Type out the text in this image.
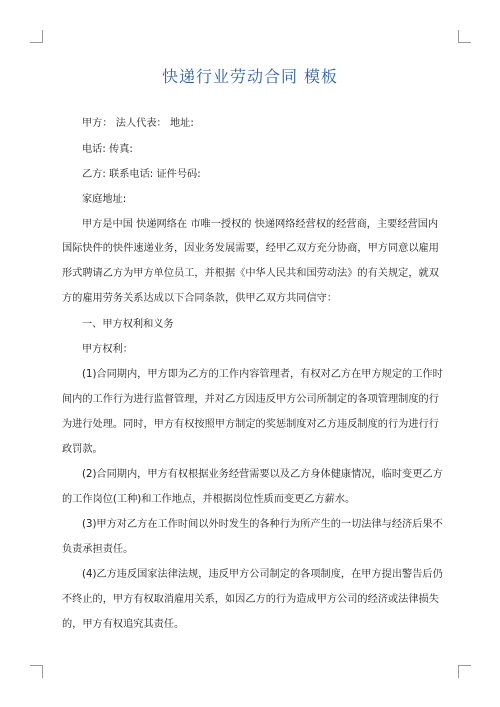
快递行业劳动合同 模板
甲方： 法人代表： 地址:
电话: 传真:
乙方: 联系电话: 证件号码:
家庭地址:
甲方是中国 快递网络在 市唯一授权的 快递网络经营权的经营商，主要经营国内
国际快件的快件速递业务，因业务发展需要，经甲乙双方充分协商，甲方同意以雇用
形式聘请乙方为甲方单位员工，并根据《中华人民共和国劳动法》的有关规定，就双
方的雇用劳务关系达成以下合同条款，供甲乙双方共同信守：
一、甲方权利和义务
甲方权利：
(1)合同期内，甲方即为乙方的工作内容管理者，有权对乙方在甲方规定的工作时
间内的工作行为进行监督管理，并对乙方因违反甲方公司所制定的各项管理制度的行
为进行处理。同时，甲方有权按照甲方制定的奖惩制度对乙方违反制度的行为进行行
政罚款。
(2)合同期内，甲方有权根据业务经营需要以及乙方身体健康情况，临时变更乙方
的工作岗位(工种)和工作地点，并根据岗位性质而变更乙方薪水。
(3)甲方对乙方在工作时间以外时发生的各种行为所产生的一切法律与经济后果不
负责承担责任。
(4)乙方违反国家法律法规，违反甲方公司制定的各项制度，在甲方提出警告后仍
不终止的，甲方有权取消雇用关系，如因乙方的行为造成甲方公司的经济或法律损失
的，甲方有权追究其责任。
